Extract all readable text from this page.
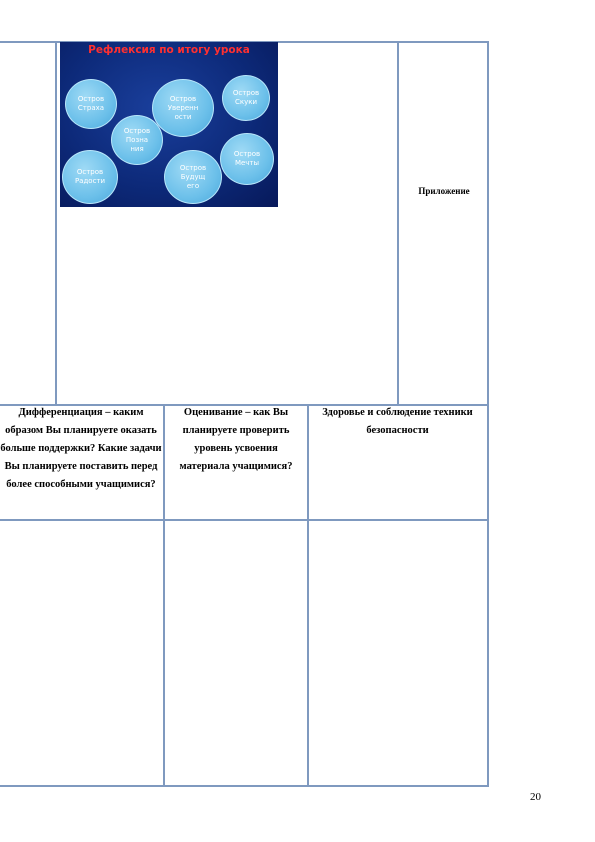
Рефлексия по итогу урока
Остров
Страха
Остров
Уверенн
ости
Остров
Скуки
Остров
Позна
ния
Остров
Радости
Остров
Будущ
его
Остров
Мечты
Приложение
Дифференциация – каким образом Вы планируете оказать больше поддержки? Какие задачи Вы планируете поставить перед более способными учащимися?
Оценивание – как Вы планируете проверить уровень усвоения материала учащимися?
Здоровье и соблюдение техники безопасности
20
